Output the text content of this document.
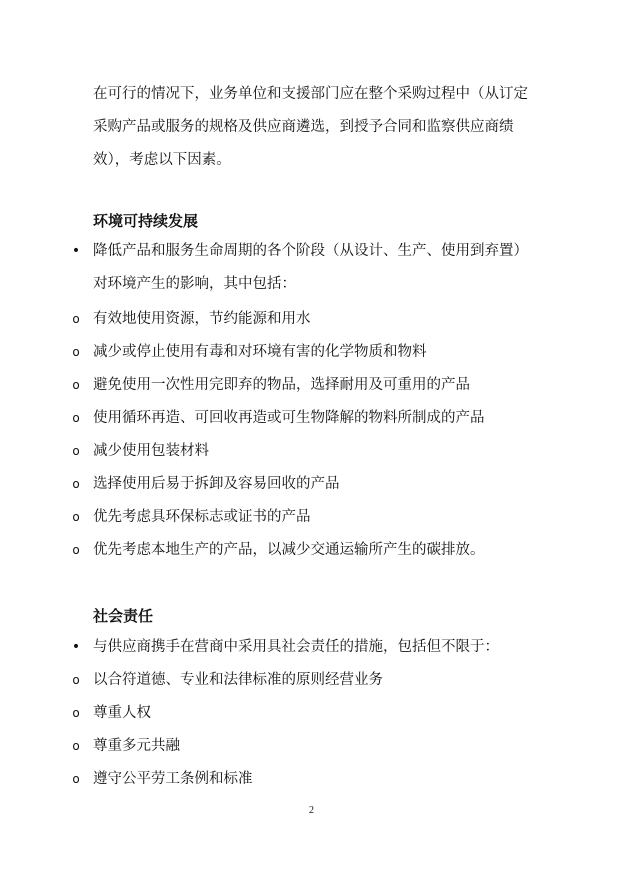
在可行的情况下，业务单位和支援部门应在整个采购过程中（从订定采购产品或服务的规格及供应商遴选，到授予合同和监察供应商绩效），考虑以下因素。

环境可持续发展
• 降低产品和服务生命周期的各个阶段（从设计、生产、使用到弃置）对环境产生的影响，其中包括：
o 有效地使用资源，节约能源和用水
o 减少或停止使用有毒和对环境有害的化学物质和物料
o 避免使用一次性用完即弃的物品，选择耐用及可重用的产品
o 使用循环再造、可回收再造或可生物降解的物料所制成的产品
o 减少使用包装材料
o 选择使用后易于拆卸及容易回收的产品
o 优先考虑具环保标志或证书的产品
o 优先考虑本地生产的产品，以减少交通运输所产生的碳排放。
社会责任
• 与供应商携手在营商中采用具社会责任的措施，包括但不限于：
o 以合符道德、专业和法律标准的原则经营业务
o 尊重人权
o 尊重多元共融
o 遵守公平劳工条例和标准
2
